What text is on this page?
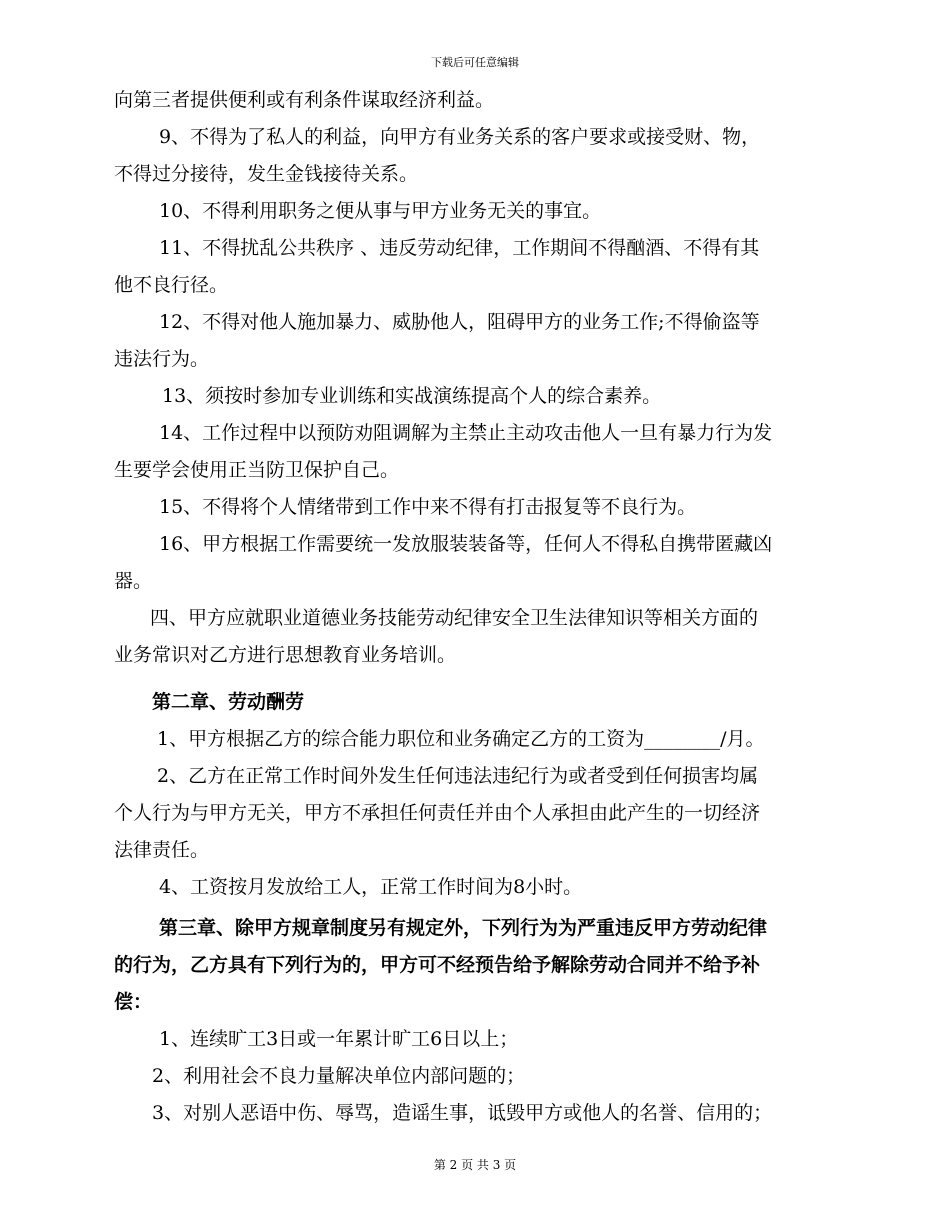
下载后可任意编辑
向第三者提供便利或有利条件谋取经济利益。
9、不得为了私人的利益，向甲方有业务关系的客户要求或接受财、物，
不得过分接待，发生金钱接待关系。
10、不得利用职务之便从事与甲方业务无关的事宜。
11、不得扰乱公共秩序 、违反劳动纪律，工作期间不得酗酒、不得有其
他不良行径。
12、不得对他人施加暴力、威胁他人，阻碍甲方的业务工作;不得偷盗等
违法行为。
13、须按时参加专业训练和实战演练提高个人的综合素养。
14、工作过程中以预防劝阻调解为主禁止主动攻击他人一旦有暴力行为发
生要学会使用正当防卫保护自己。
15、不得将个人情绪带到工作中来不得有打击报复等不良行为。
16、甲方根据工作需要统一发放服装装备等，任何人不得私自携带匿藏凶
器。
四、甲方应就职业道德业务技能劳动纪律安全卫生法律知识等相关方面的
业务常识对乙方进行思想教育业务培训。
第二章、劳动酬劳
1、甲方根据乙方的综合能力职位和业务确定乙方的工资为________/月。
2、乙方在正常工作时间外发生任何违法违纪行为或者受到任何损害均属
个人行为与甲方无关，甲方不承担任何责任并由个人承担由此产生的一切经济
法律责任。
4、工资按月发放给工人，正常工作时间为8小时。
第三章、除甲方规章制度另有规定外，下列行为为严重违反甲方劳动纪律
的行为，乙方具有下列行为的，甲方可不经预告给予解除劳动合同并不给予补
偿：
1、连续旷工3日或一年累计旷工6日以上；
2、利用社会不良力量解决单位内部问题的；
3、对别人恶语中伤、辱骂，造谣生事，诋毁甲方或他人的名誉、信用的；
第 2 页 共 3 页
